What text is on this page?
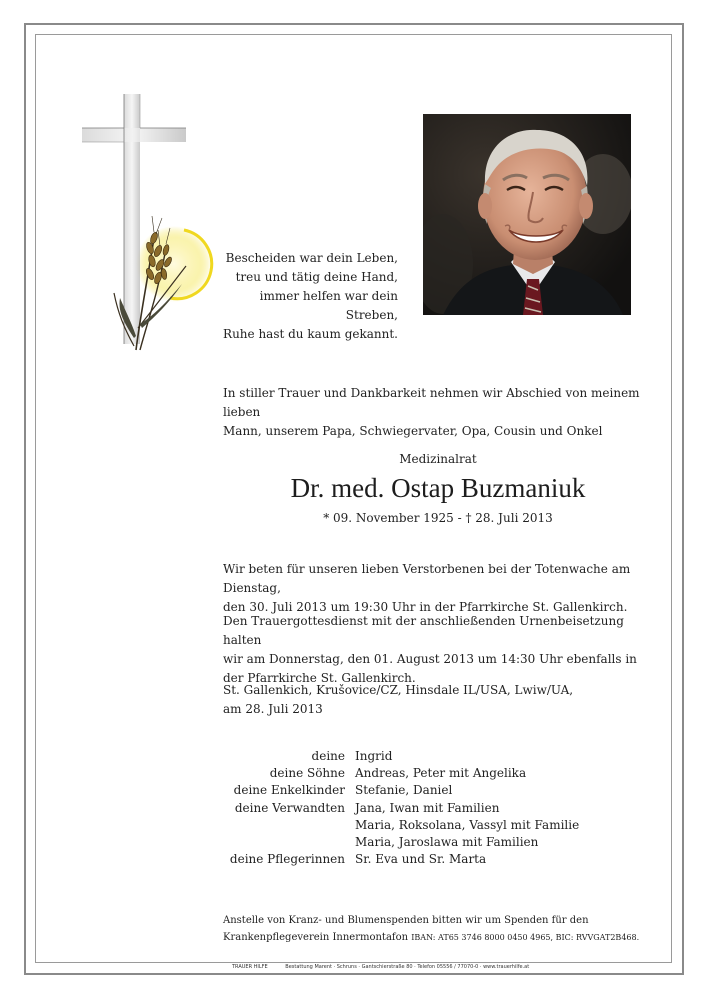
Bescheiden war dein Leben,
treu und tätig deine Hand,
immer helfen war dein Streben,
Ruhe hast du kaum gekannt.
In stiller Trauer und Dankbarkeit nehmen wir Abschied von meinem lieben
Mann, unserem Papa, Schwiegervater, Opa, Cousin und Onkel
Medizinalrat
Dr. med. Ostap Buzmaniuk
* 09. November 1925 - † 28. Juli 2013
Wir beten für unseren lieben Verstorbenen bei der Totenwache am Dienstag,
den 30. Juli 2013 um 19:30 Uhr in der Pfarrkirche St. Gallenkirch.
Den Trauergottesdienst mit der anschließenden Urnenbeisetzung halten
wir am Donnerstag, den 01. August 2013 um 14:30 Uhr ebenfalls in
der Pfarrkirche St. Gallenkirch.
St. Gallenkich, Krušovice/CZ, Hinsdale IL/USA, Lwiw/UA,
am 28. Juli 2013
deine	Ingrid
deine Söhne	Andreas, Peter mit Angelika
deine Enkelkinder	Stefanie, Daniel
deine Verwandten	Jana, Iwan mit Familien
	Maria, Roksolana, Vassyl mit Familie
	Maria, Jaroslawa mit Familien
deine Pflegerinnen	Sr. Eva und Sr. Marta
Anstelle von Kranz- und Blumenspenden bitten wir um Spenden für den
Krankenpflegeverein Innermontafon IBAN: AT65 3746 8000 0450 4965, BIC: RVVGAT2B468.
TRAUER HILFE	Bestattung Marent · Schruns · Gantschierstraße 80 · Telefon 05556 / 77070-0 · www.trauerhilfe.at
